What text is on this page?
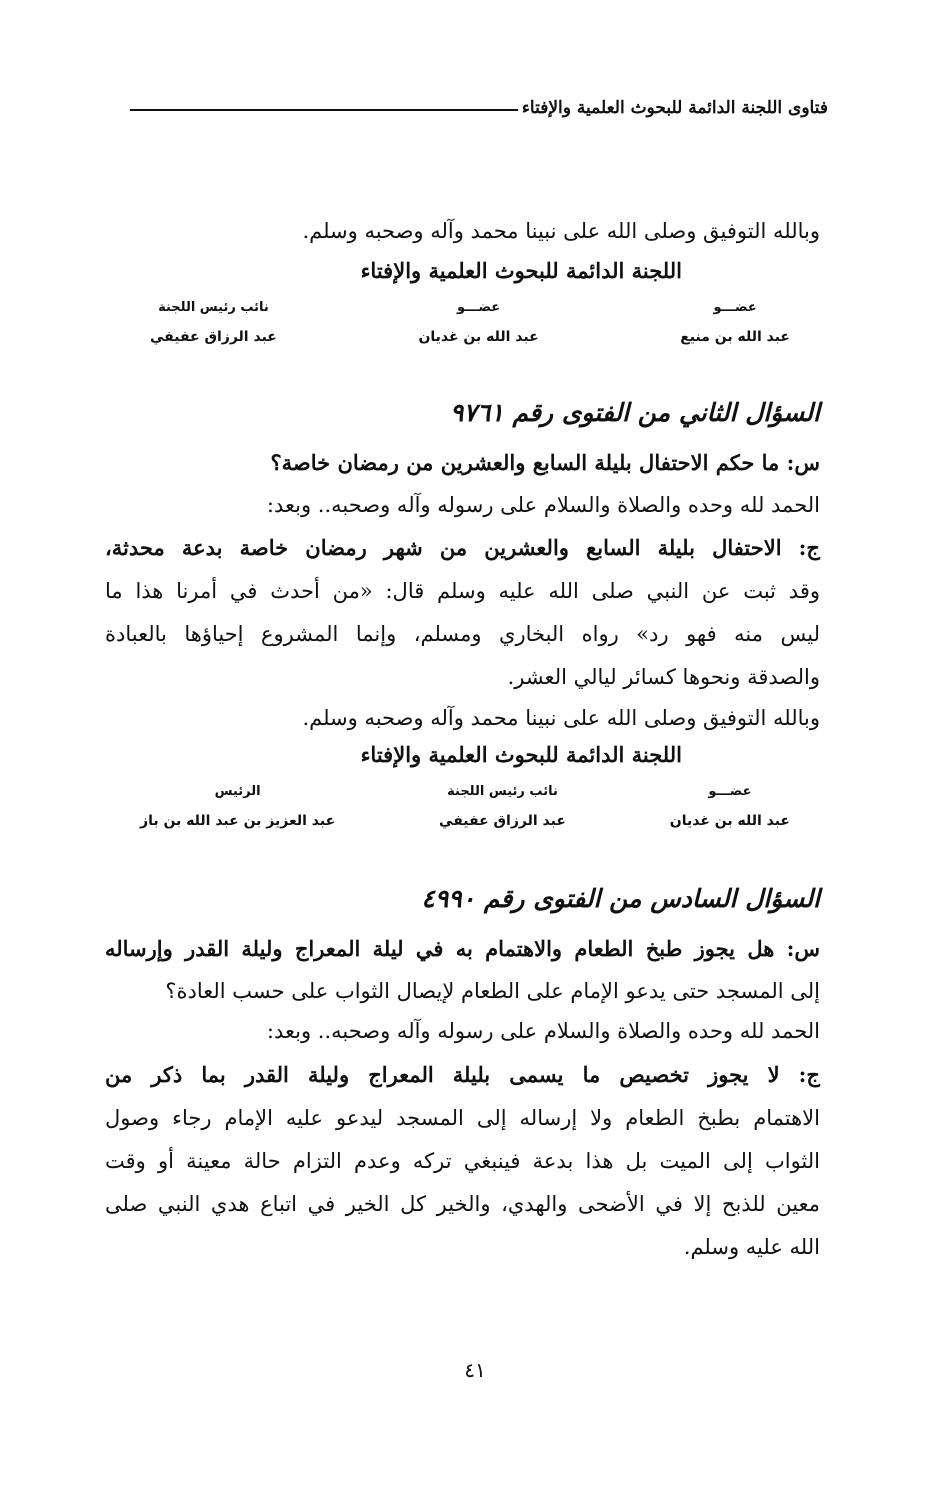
فتاوى اللجنة الدائمة للبحوث العلمية والإفتاء
وبالله التوفيق وصلى الله على نبينا محمد وآله وصحبه وسلم.
اللجنة الدائمة للبحوث العلمية والإفتاء
عضـــو
عبد الله بن منيع
عضـــو
عبد الله بن غديان
نائب رئيس اللجنة
عبد الرزاق عفيفي
السؤال الثاني من الفتوى رقم ٩٧٦١
س: ما حكم الاحتفال بليلة السابع والعشرين من رمضان خاصة؟
الحمد لله وحده والصلاة والسلام على رسوله وآله وصحبه.. وبعد:
ج: الاحتفال بليلة السابع والعشرين من شهر رمضان خاصة بدعة محدثة،
وقد ثبت عن النبي صلى الله عليه وسلم قال: «من أحدث في أمرنا هذا ما
ليس منه فهو رد» رواه البخاري ومسلم، وإنما المشروع إحياؤها بالعبادة
والصدقة ونحوها كسائر ليالي العشر.
وبالله التوفيق وصلى الله على نبينا محمد وآله وصحبه وسلم.
اللجنة الدائمة للبحوث العلمية والإفتاء
عضـــو
عبد الله بن غديان
نائب رئيس اللجنة
عبد الرزاق عفيفي
الرئيس
عبد العزيز بن عبد الله بن باز
السؤال السادس من الفتوى رقم ٤٩٩٠
س: هل يجوز طبخ الطعام والاهتمام به في ليلة المعراج وليلة القدر وإرساله
إلى المسجد حتى يدعو الإمام على الطعام لإيصال الثواب على حسب العادة؟
الحمد لله وحده والصلاة والسلام على رسوله وآله وصحبه.. وبعد:
ج: لا يجوز تخصيص ما يسمى بليلة المعراج وليلة القدر بما ذكر من
الاهتمام بطبخ الطعام ولا إرساله إلى المسجد ليدعو عليه الإمام رجاء وصول
الثواب إلى الميت بل هذا بدعة فينبغي تركه وعدم التزام حالة معينة أو وقت
معين للذبح إلا في الأضحى والهدي، والخير كل الخير في اتباع هدي النبي صلى
الله عليه وسلم.
٤١
